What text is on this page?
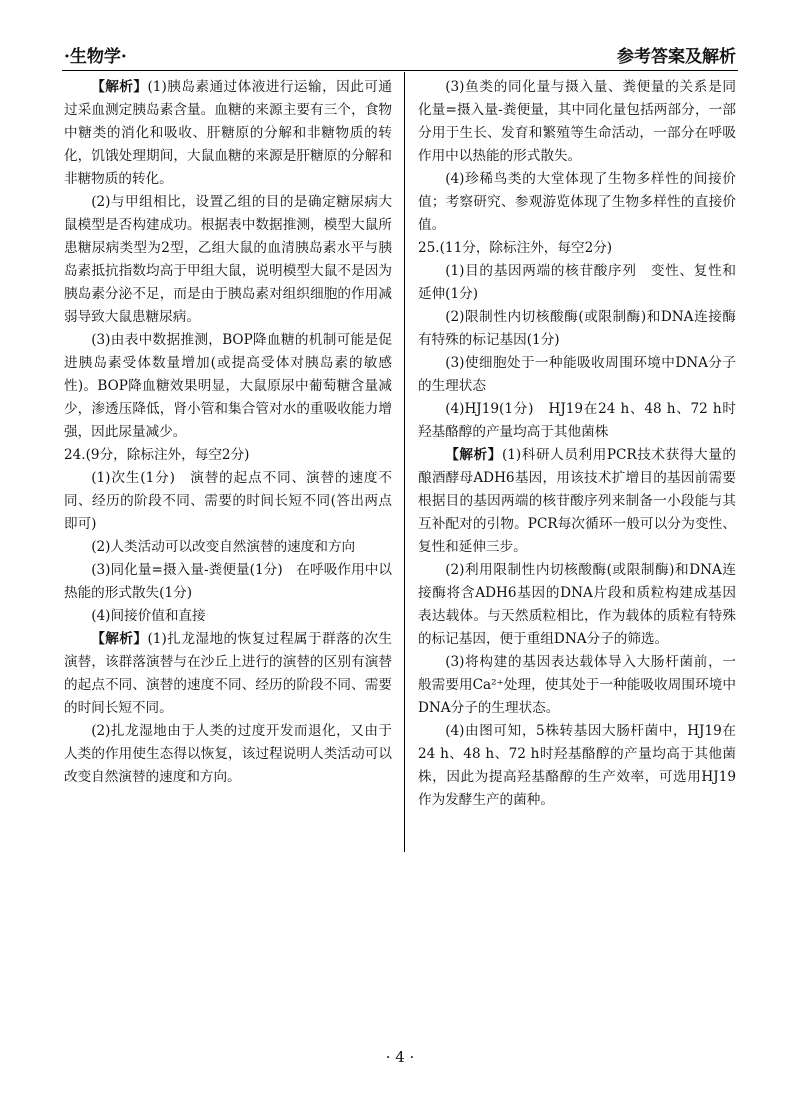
·生物学·	参考答案及解析

【解析】(1)胰岛素通过体液进行运输，因此可通过采血测定胰岛素含量。血糖的来源主要有三个，食物中糖类的消化和吸收、肝糖原的分解和非糖物质的转化，饥饿处理期间，大鼠血糖的来源是肝糖原的分解和非糖物质的转化。

(2)与甲组相比，设置乙组的目的是确定糖尿病大鼠模型是否构建成功。根据表中数据推测，模型大鼠所患糖尿病类型为2型，乙组大鼠的血清胰岛素水平与胰岛素抵抗指数均高于甲组大鼠，说明模型大鼠不是因为胰岛素分泌不足，而是由于胰岛素对组织细胞的作用减弱导致大鼠患糖尿病。

(3)由表中数据推测，BOP降血糖的机制可能是促进胰岛素受体数量增加(或提高受体对胰岛素的敏感性)。BOP降血糖效果明显，大鼠原尿中葡萄糖含量减少，渗透压降低，肾小管和集合管对水的重吸收能力增强，因此尿量减少。

24.(9分，除标注外，每空2分)

(1)次生(1分)　演替的起点不同、演替的速度不同、经历的阶段不同、需要的时间长短不同(答出两点即可)

(2)人类活动可以改变自然演替的速度和方向

(3)同化量=摄入量-粪便量(1分)　在呼吸作用中以热能的形式散失(1分)

(4)间接价值和直接

【解析】(1)扎龙湿地的恢复过程属于群落的次生演替，该群落演替与在沙丘上进行的演替的区别有演替的起点不同、演替的速度不同、经历的阶段不同、需要的时间长短不同。

(2)扎龙湿地由于人类的过度开发而退化，又由于人类的作用使生态得以恢复，该过程说明人类活动可以改变自然演替的速度和方向。

(3)鱼类的同化量与摄入量、粪便量的关系是同化量=摄入量-粪便量，其中同化量包括两部分，一部分用于生长、发育和繁殖等生命活动，一部分在呼吸作用中以热能的形式散失。

(4)珍稀鸟类的大堂体现了生物多样性的间接价值；考察研究、参观游览体现了生物多样性的直接价值。

25.(11分，除标注外，每空2分)

(1)目的基因两端的核苷酸序列　变性、复性和延伸(1分)

(2)限制性内切核酸酶(或限制酶)和DNA连接酶　有特殊的标记基因(1分)

(3)使细胞处于一种能吸收周围环境中DNA分子的生理状态

(4)HJ19(1分)　HJ19在24 h、48 h、72 h时羟基酪醇的产量均高于其他菌株

【解析】(1)科研人员利用PCR技术获得大量的酿酒酵母ADH6基因，用该技术扩增目的基因前需要根据目的基因两端的核苷酸序列来制备一小段能与其互补配对的引物。PCR每次循环一般可以分为变性、复性和延伸三步。

(2)利用限制性内切核酸酶(或限制酶)和DNA连接酶将含ADH6基因的DNA片段和质粒构建成基因表达载体。与天然质粒相比，作为载体的质粒有特殊的标记基因，便于重组DNA分子的筛选。

(3)将构建的基因表达载体导入大肠杆菌前，一般需要用Ca²⁺处理，使其处于一种能吸收周围环境中DNA分子的生理状态。

(4)由图可知，5株转基因大肠杆菌中，HJ19在24 h、48 h、72 h时羟基酪醇的产量均高于其他菌株，因此为提高羟基酪醇的生产效率，可选用HJ19作为发酵生产的菌种。

· 4 ·
